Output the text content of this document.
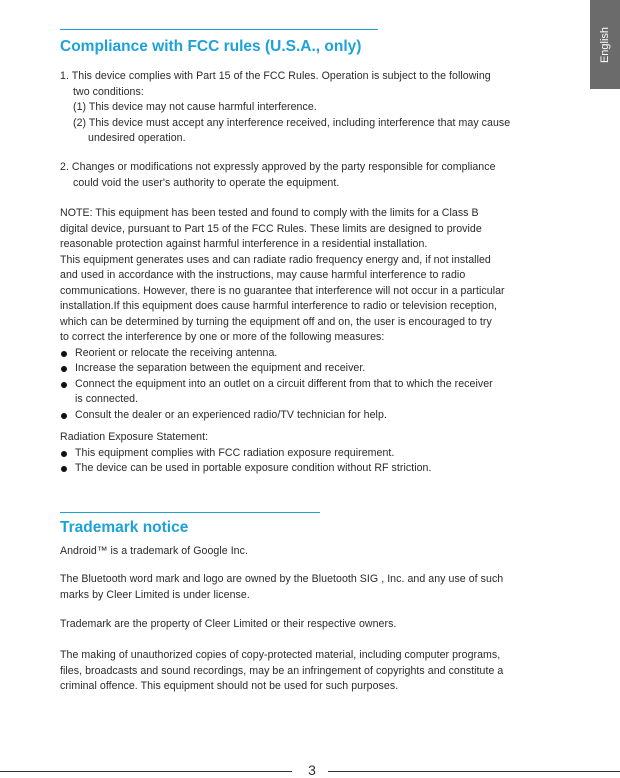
English
Compliance with FCC rules (U.S.A., only)

1. This device complies with Part 15 of the FCC Rules. Operation is subject to the following

two conditions:

(1) This device may not cause harmful interference.

(2) This device must accept any interference received, including interference that may cause

undesired operation.

2. Changes or modifications not expressly approved by the party responsible for compliance

could void the user's authority to operate the equipment.

NOTE: This equipment has been tested and found to comply with the limits for a Class B

digital device, pursuant to Part 15 of the FCC Rules. These limits are designed to provide

reasonable protection against harmful interference in a residential installation.

This equipment generates uses and can radiate radio frequency energy and, if not installed

and used in accordance with the instructions, may cause harmful interference to radio

communications. However, there is no guarantee that interference will not occur in a particular

installation.If this equipment does cause harmful interference to radio or television reception,

which can be determined by turning the equipment off and on, the user is encouraged to try

to correct the interference by one or more of the following measures:

Reorient or relocate the receiving antenna.

Increase the separation between the equipment and receiver.

Connect the equipment into an outlet on a circuit different from that to which the receiver

is connected.

Consult the dealer or an experienced radio/TV technician for help.

Radiation Exposure Statement:

This equipment complies with FCC radiation exposure requirement.

The device can be used in portable exposure condition without RF striction.

Trademark notice

Android™ is a trademark of Google Inc.

The Bluetooth word mark and logo are owned by the Bluetooth SIG , Inc. and any use of such

marks by Cleer Limited is under license.

Trademark are the property of Cleer Limited or their respective owners.

The making of unauthorized copies of copy-protected material, including computer programs,

files, broadcasts and sound recordings, may be an infringement of copyrights and constitute a

criminal offence. This equipment should not be used for such purposes.

3
